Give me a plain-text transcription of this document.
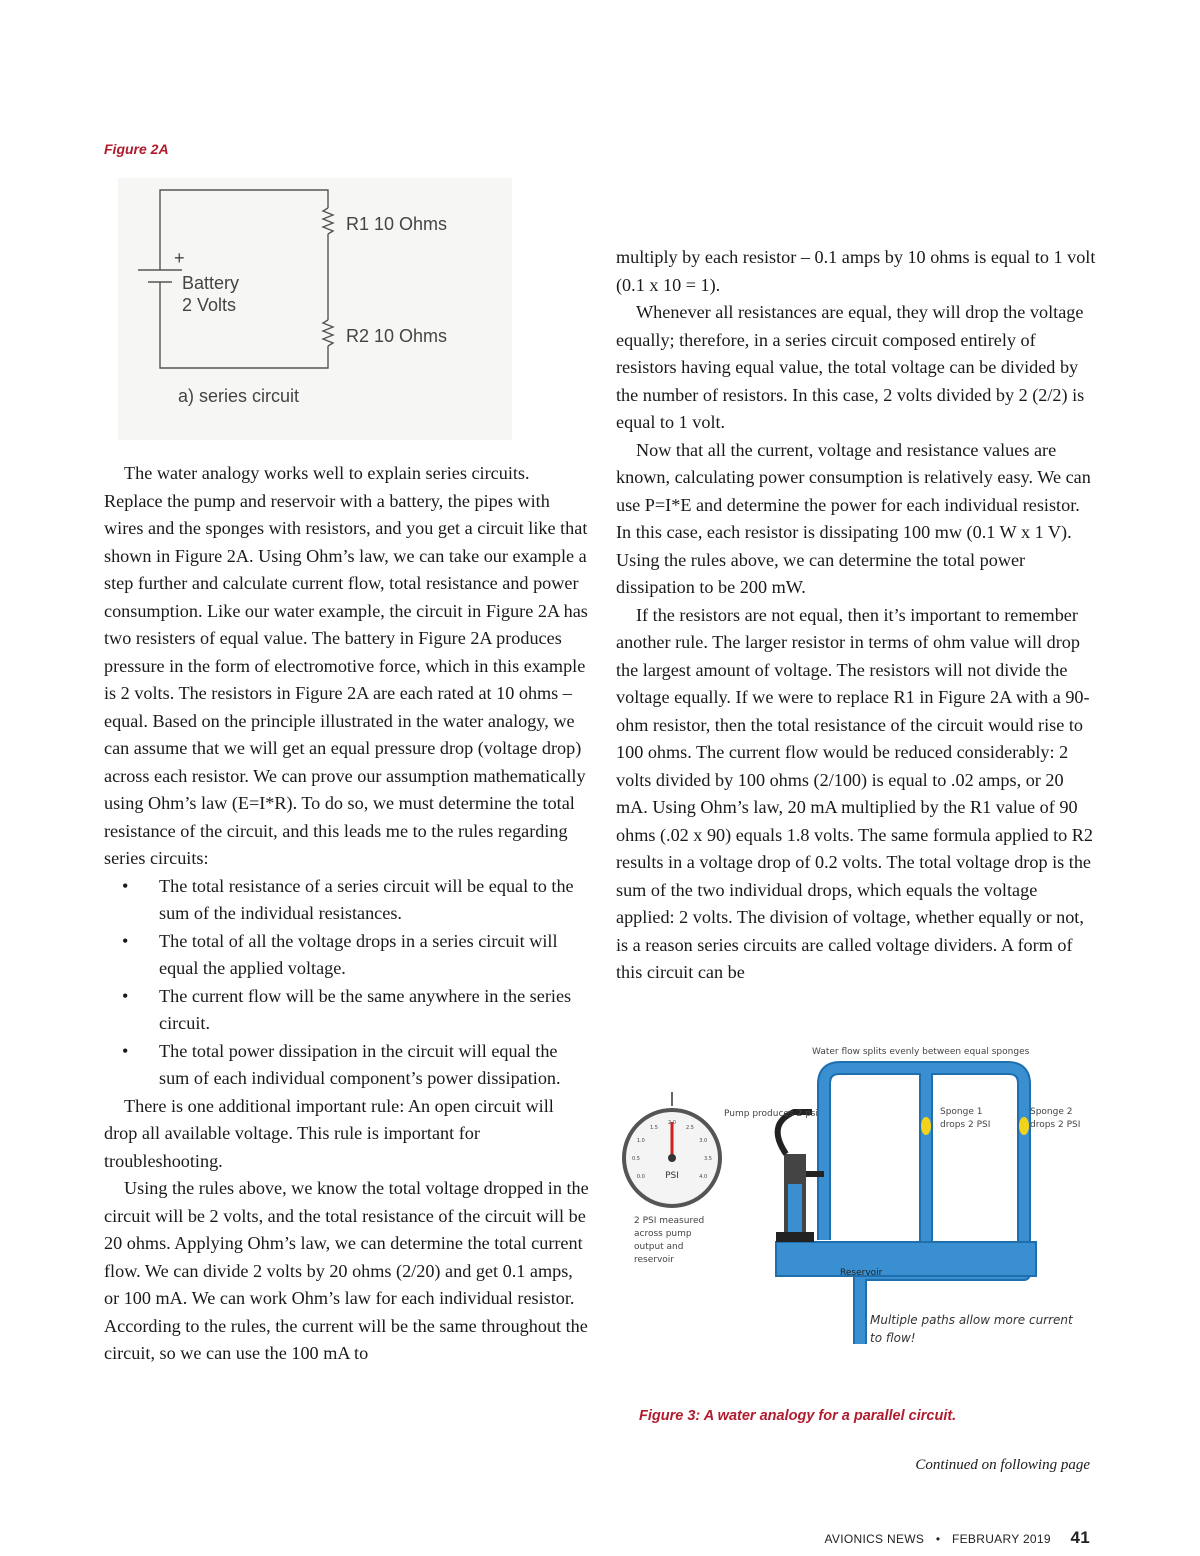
Figure 2A
+
Battery
2 Volts
R1 10 Ohms
R2 10 Ohms
a) series circuit

The water analogy works well to explain series circuits. Replace the pump and reservoir with a battery, the pipes with wires and the sponges with resistors, and you get a circuit like that shown in Figure 2A. Using Ohm’s law, we can take our example a step further and calculate current flow, total resistance and power consumption. Like our water example, the circuit in Figure 2A has two resisters of equal value. The battery in Figure 2A produces pressure in the form of electromotive force, which in this example is 2 volts. The resistors in Figure 2A are each rated at 10 ohms – equal. Based on the principle illustrated in the water analogy, we can assume that we will get an equal pressure drop (voltage drop) across each resistor. We can prove our assumption mathematically using Ohm’s law (E=I*R). To do so, we must determine the total resistance of the circuit, and this leads me to the rules regarding series circuits:

• The total resistance of a series circuit will be equal to the sum of the individual resistances.
• The total of all the voltage drops in a series circuit will equal the applied voltage.
• The current flow will be the same anywhere in the series circuit.
• The total power dissipation in the circuit will equal the sum of each individual component’s power dissipation.

There is one additional important rule: An open circuit will drop all available voltage. This rule is important for troubleshooting.

Using the rules above, we know the total voltage dropped in the circuit will be 2 volts, and the total resistance of the circuit will be 20 ohms. Applying Ohm’s law, we can determine the total current flow. We can divide 2 volts by 20 ohms (2/20) and get 0.1 amps, or 100 mA. We can work Ohm’s law for each individual resistor. According to the rules, the current will be the same throughout the circuit, so we can use the 100 mA to

multiply by each resistor – 0.1 amps by 10 ohms is equal to 1 volt (0.1 x 10 = 1).

Whenever all resistances are equal, they will drop the voltage equally; therefore, in a series circuit composed entirely of resistors having equal value, the total voltage can be divided by the number of resistors. In this case, 2 volts divided by 2 (2/2) is equal to 1 volt.

Now that all the current, voltage and resistance values are known, calculating power consumption is relatively easy. We can use P=I*E and determine the power for each individual resistor. In this case, each resistor is dissipating 100 mw (0.1 W x 1 V). Using the rules above, we can determine the total power dissipation to be 200 mW.

If the resistors are not equal, then it’s important to remember another rule. The larger resistor in terms of ohm value will drop the largest amount of voltage. The resistors will not divide the voltage equally. If we were to replace R1 in Figure 2A with a 90-ohm resistor, then the total resistance of the circuit would rise to 100 ohms. The current flow would be reduced considerably: 2 volts divided by 100 ohms (2/100) is equal to .02 amps, or 20 mA. Using Ohm’s law, 20 mA multiplied by the R1 value of 90 ohms (.02 x 90) equals 1.8 volts. The same formula applied to R2 results in a voltage drop of 0.2 volts. The total voltage drop is the sum of the two individual drops, which equals the voltage applied: 2 volts. The division of voltage, whether equally or not, is a reason series circuits are called voltage dividers. A form of this circuit can be

PSI
0.0
0.5
1.0
1.5
2.0
2.5
3.0
3.5
4.0
Water flow splits evenly between equal sponges
Pump produces 2 psi	Sponge 1
drops 2 PSI
Sponge 2
drops 2 PSI
2 PSI measured
across pump
output and
reservoir
Reservoir
Multiple paths allow more current
to flow!
Figure 3: A water analogy for a parallel circuit.
Continued on following page
AVIONICS NEWS • FEBRUARY 2019 41
